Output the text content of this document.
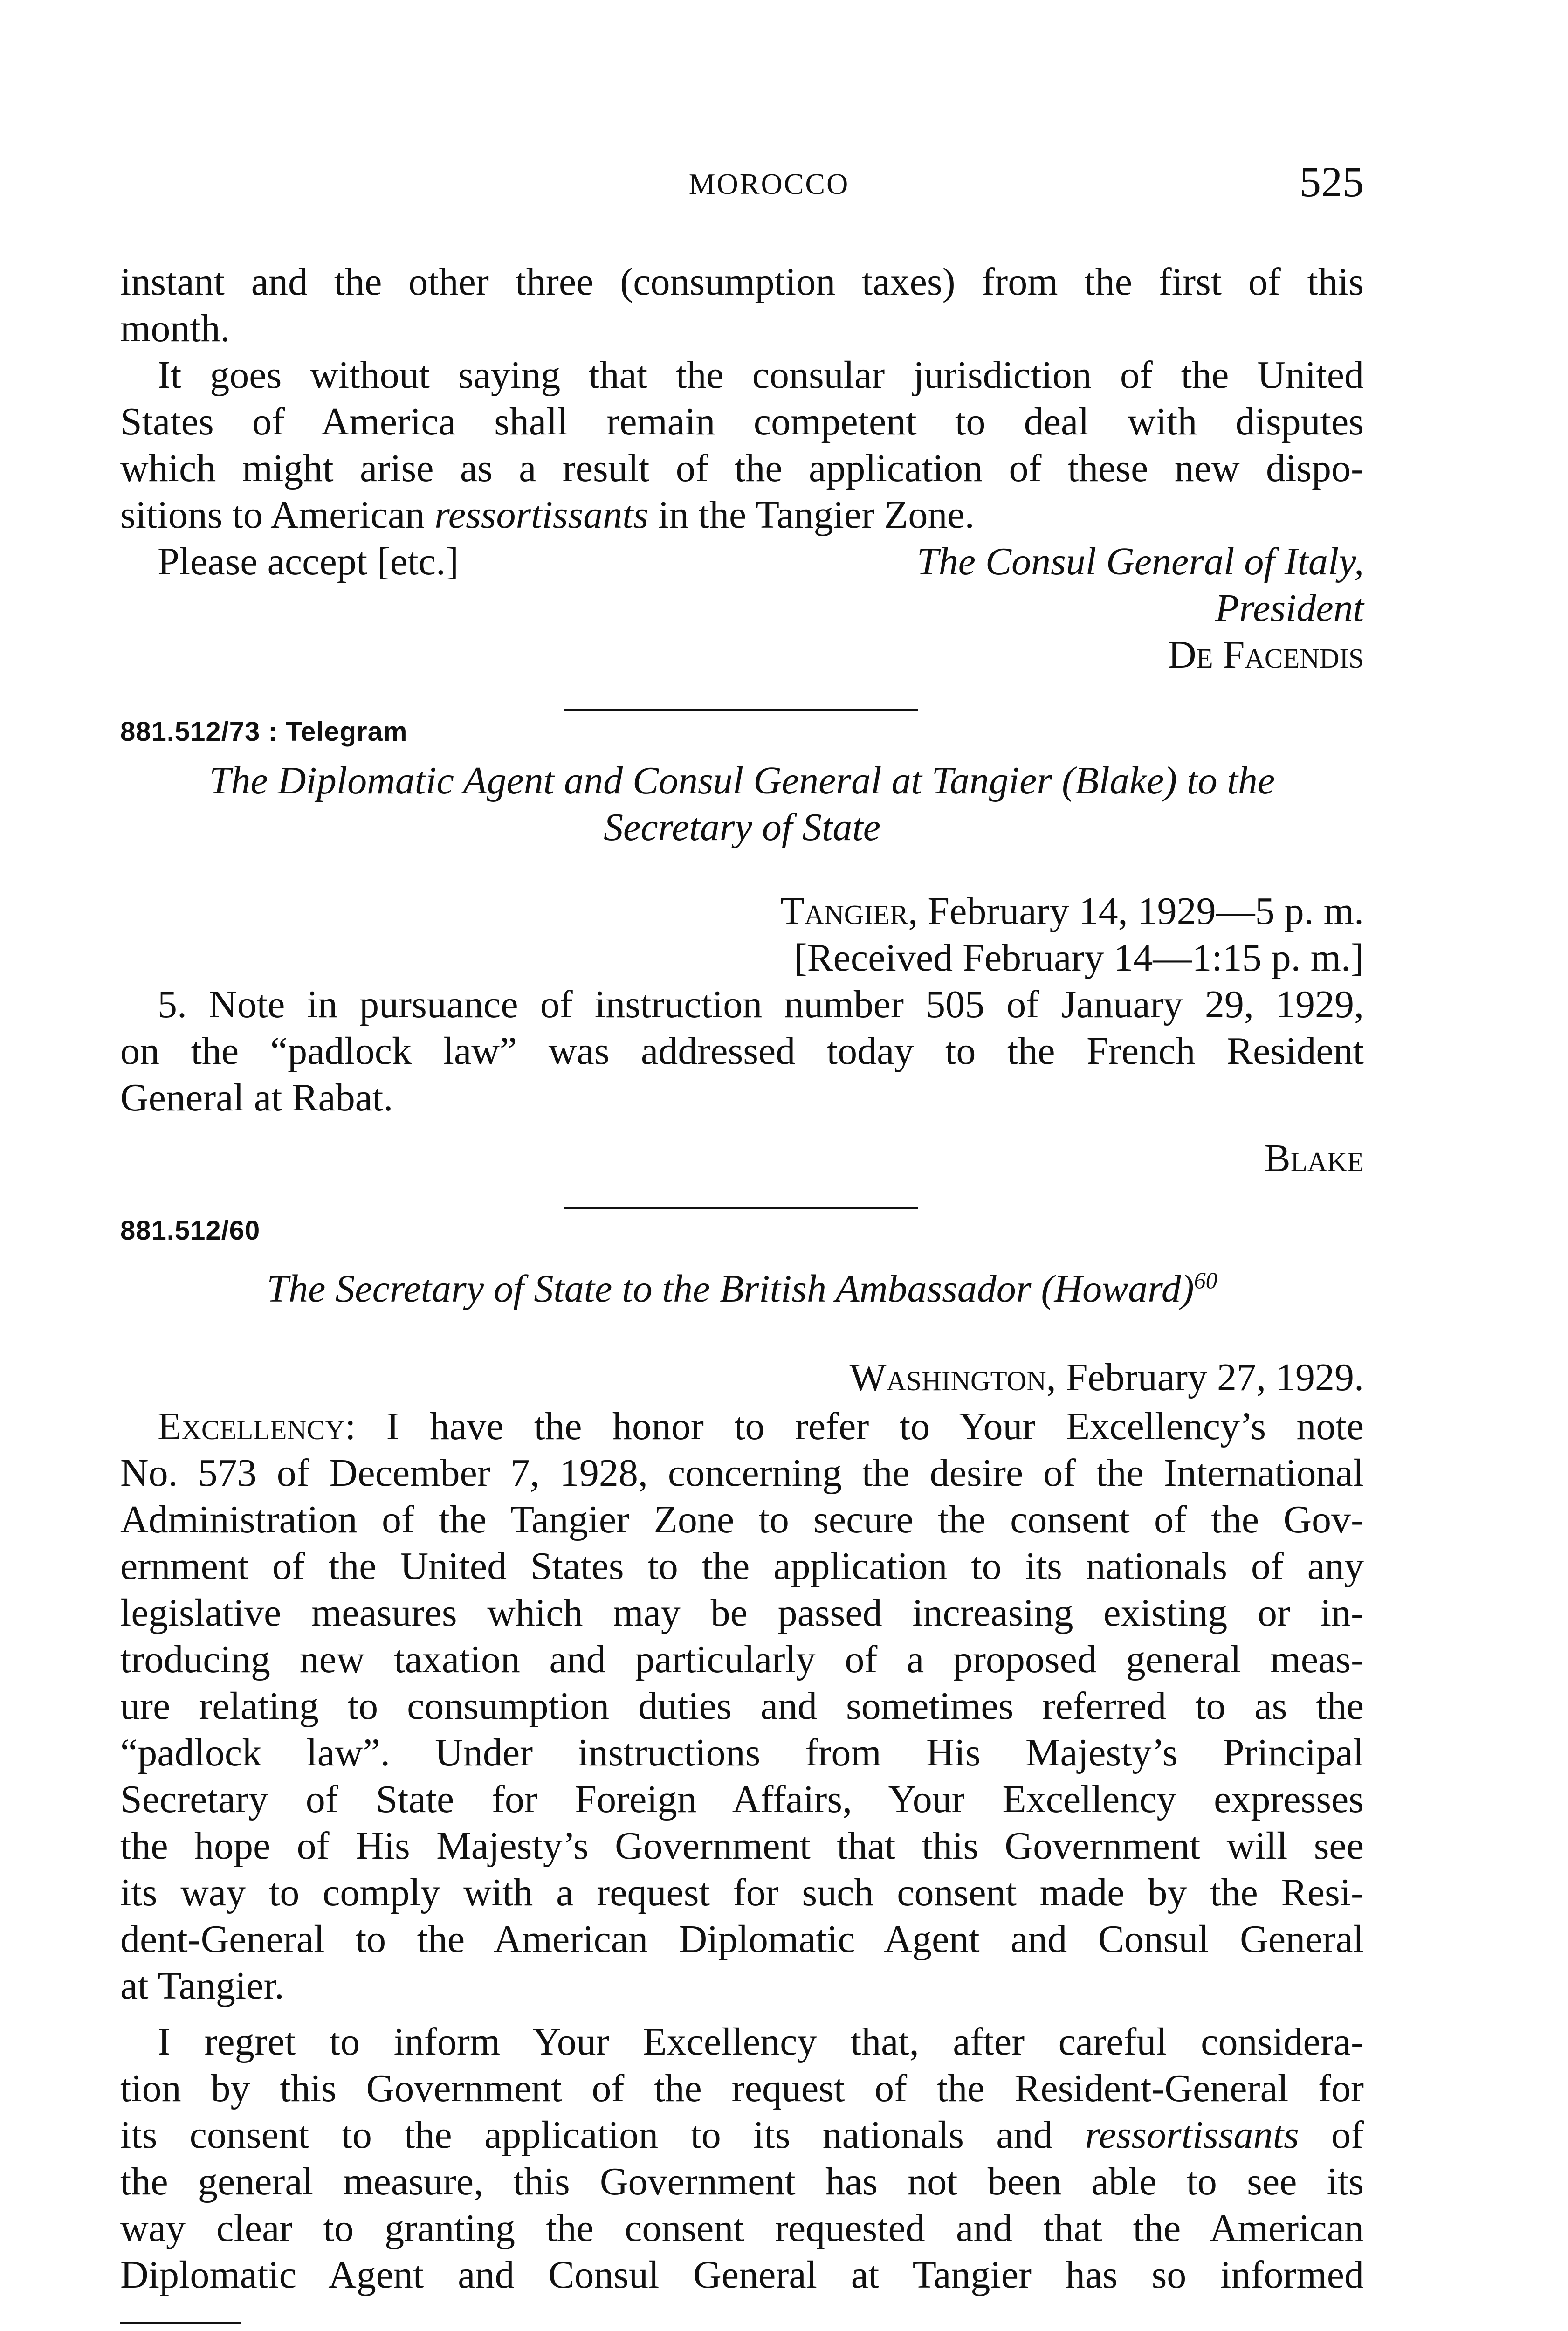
MOROCCO	525
instant and the other three (consumption taxes) from the first of this
month.
It goes without saying that the consular jurisdiction of the United
States of America shall remain competent to deal with disputes
which might arise as a result of the application of these new dispo-
sitions to American ressortissants in the Tangier Zone.
Please accept [etc.]	The Consul General of Italy,
President
De Facendis
881.512/73 : Telegram
The Diplomatic Agent and Consul General at Tangier (Blake) to the
Secretary of State
Tangier, February 14, 1929—5 p. m.
[Received February 14—1:15 p. m.]
5. Note in pursuance of instruction number 505 of January 29, 1929,
on the “padlock law” was addressed today to the French Resident
General at Rabat.
Blake
881.512/60
The Secretary of State to the British Ambassador (Howard)$^{60}$
Washington, February 27, 1929.
Excellency: I have the honor to refer to Your Excellency’s note
No. 573 of December 7, 1928, concerning the desire of the International
Administration of the Tangier Zone to secure the consent of the Gov-
ernment of the United States to the application to its nationals of any
legislative measures which may be passed increasing existing or in-
troducing new taxation and particularly of a proposed general meas-
ure relating to consumption duties and sometimes referred to as the
“padlock law”. Under instructions from His Majesty’s Principal
Secretary of State for Foreign Affairs, Your Excellency expresses
the hope of His Majesty’s Government that this Government will see
its way to comply with a request for such consent made by the Resi-
dent-General to the American Diplomatic Agent and Consul General
at Tangier.
I regret to inform Your Excellency that, after careful considera-
tion by this Government of the request of the Resident-General for
its consent to the application to its nationals and ressortissants of
the general measure, this Government has not been able to see its
way clear to granting the consent requested and that the American
Diplomatic Agent and Consul General at Tangier has so informed
